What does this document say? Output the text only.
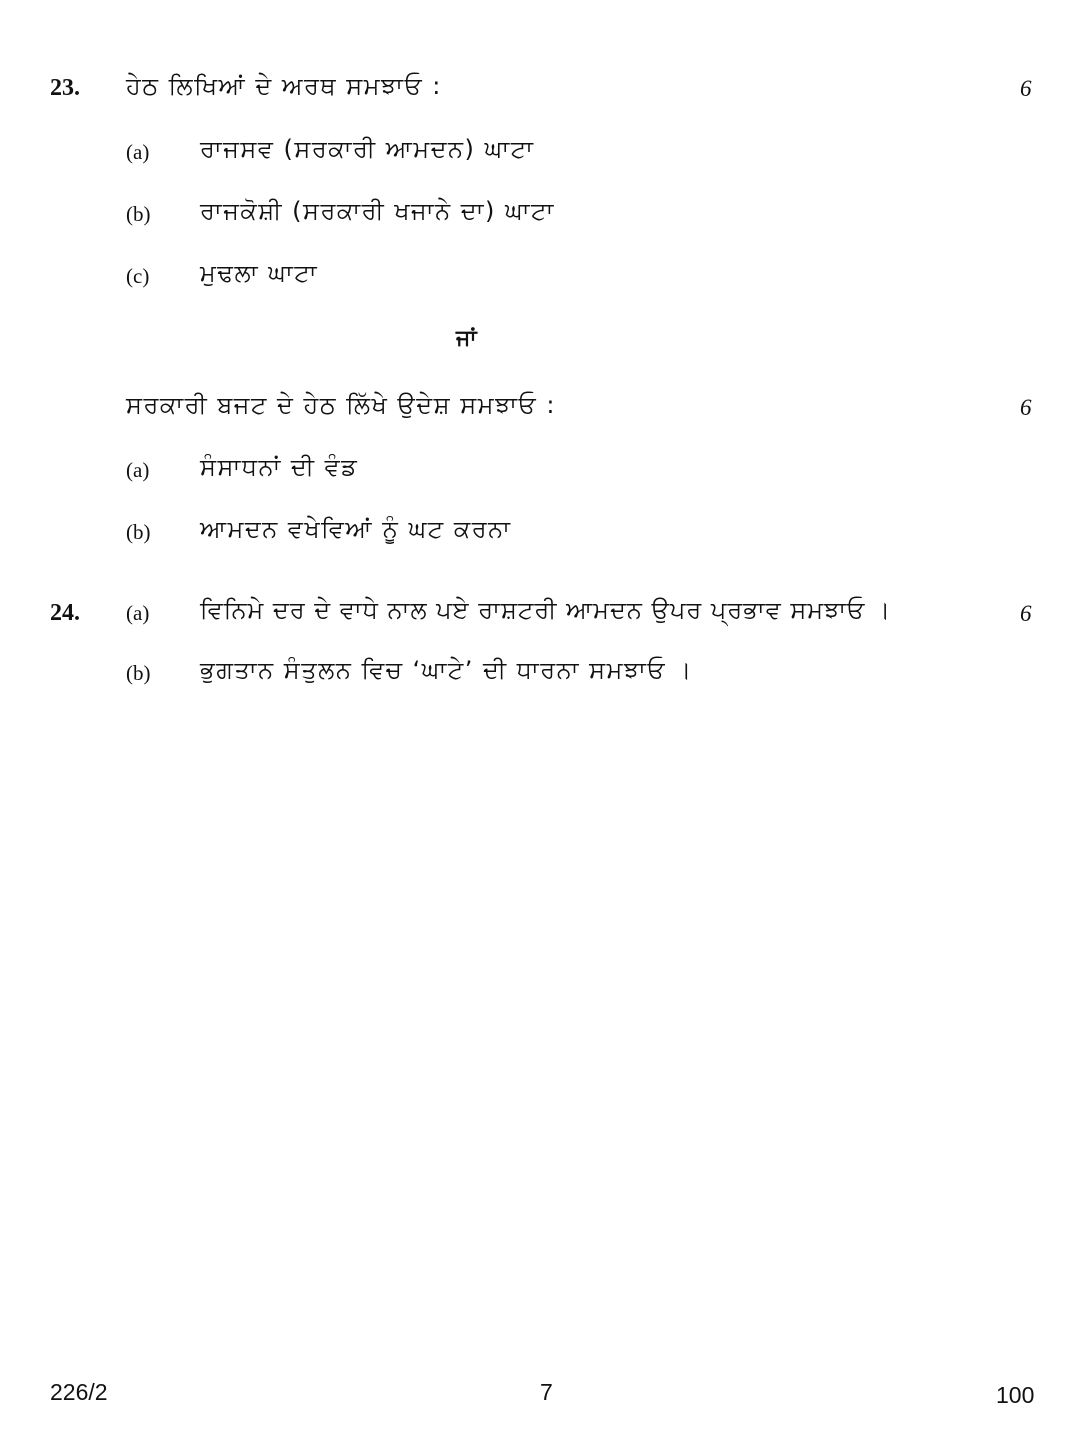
23. ਹੇਠ ਲਿਖਿਆਂ ਦੇ ਅਰਥ ਸਮਝਾਓ :	6
(a) ਰਾਜਸਵ (ਸਰਕਾਰੀ ਆਮਦਨ) ਘਾਟਾ
(b) ਰਾਜਕੋਸ਼ੀ (ਸਰਕਾਰੀ ਖਜਾਨੇ ਦਾ) ਘਾਟਾ
(c) ਮੁਢਲਾ ਘਾਟਾ
ਜਾਂ
ਸਰਕਾਰੀ ਬਜਟ ਦੇ ਹੇਠ ਲਿੱਖੇ ਉਦੇਸ਼ ਸਮਝਾਓ :	6
(a) ਸੰਸਾਧਨਾਂ ਦੀ ਵੰਡ
(b) ਆਮਦਨ ਵਖੇਵਿਆਂ ਨੂੰ ਘਟ ਕਰਨਾ
24. (a) ਵਿਨਿਮੇ ਦਰ ਦੇ ਵਾਧੇ ਨਾਲ ਪਏ ਰਾਸ਼ਟਰੀ ਆਮਦਨ ਉਪਰ ਪ੍ਰਭਾਵ ਸਮਝਾਓ ।	6
(b) ਭੁਗਤਾਨ ਸੰਤੁਲਨ ਵਿਚ ‘ਘਾਟੇ’ ਦੀ ਧਾਰਨਾ ਸਮਝਾਓ ।
226/2	7	100
